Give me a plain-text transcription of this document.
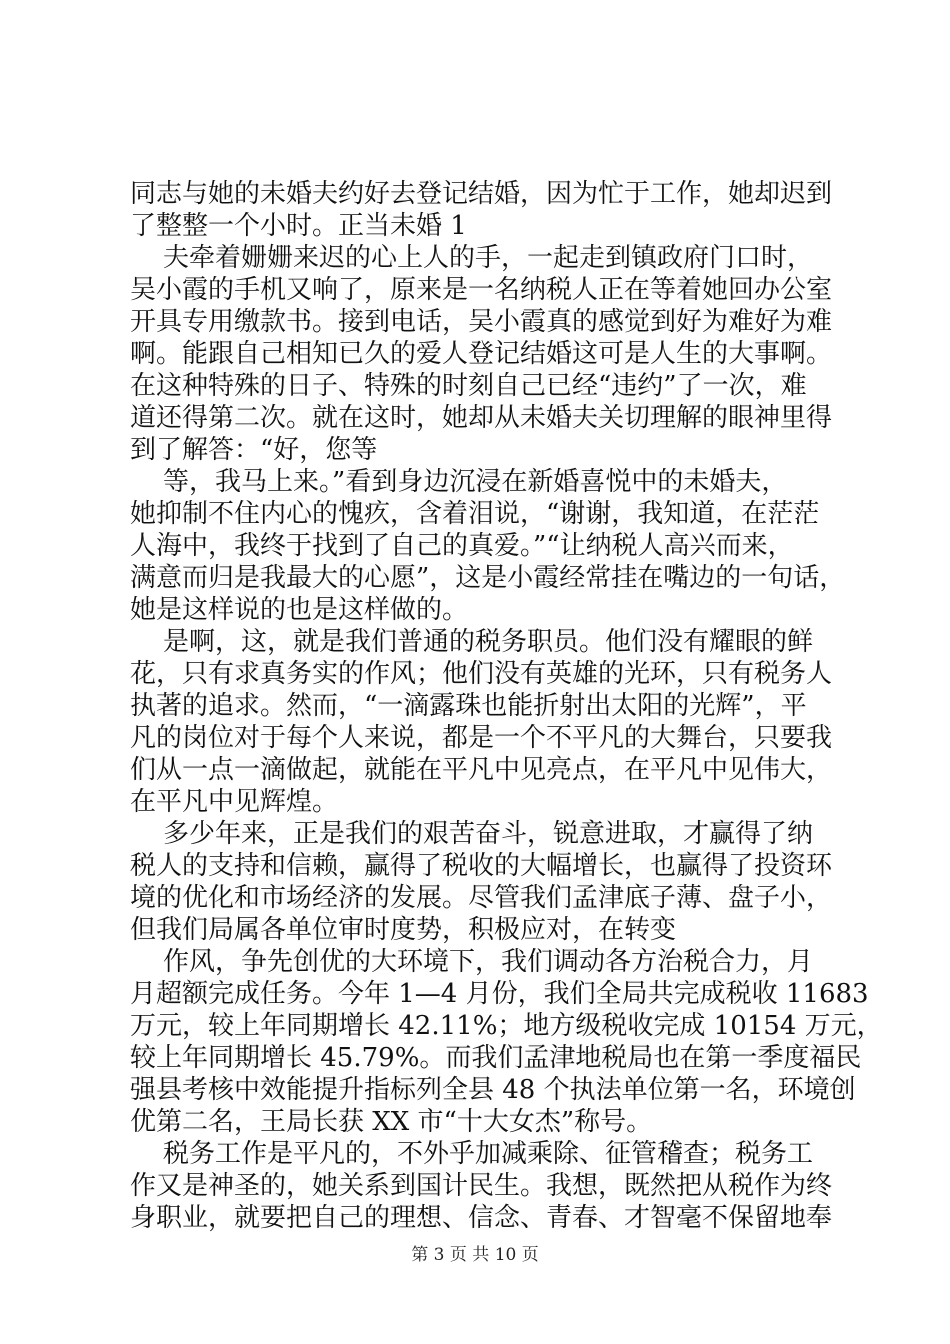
同志与她的未婚夫约好去登记结婚，因为忙于工作，她却迟到

了整整一个小时。正当未婚 1

夫牵着姗姗来迟的心上人的手，一起走到镇政府门口时，

吴小霞的手机又响了，原来是一名纳税人正在等着她回办公室

开具专用缴款书。接到电话，吴小霞真的感觉到好为难好为难

啊。能跟自己相知已久的爱人登记结婚这可是人生的大事啊。

在这种特殊的日子、特殊的时刻自己已经“违约”了一次，难

道还得第二次。就在这时，她却从未婚夫关切理解的眼神里得

到了解答：“好，您等

等，我马上来。”看到身边沉浸在新婚喜悦中的未婚夫，

她抑制不住内心的愧疚，含着泪说，“谢谢，我知道，在茫茫

人海中，我终于找到了自己的真爱。”“让纳税人高兴而来，

满意而归是我最大的心愿”，这是小霞经常挂在嘴边的一句话，

她是这样说的也是这样做的。

是啊，这，就是我们普通的税务职员。他们没有耀眼的鲜

花，只有求真务实的作风；他们没有英雄的光环，只有税务人

执著的追求。然而，“一滴露珠也能折射出太阳的光辉”，平

凡的岗位对于每个人来说，都是一个不平凡的大舞台，只要我

们从一点一滴做起，就能在平凡中见亮点，在平凡中见伟大，

在平凡中见辉煌。

多少年来，正是我们的艰苦奋斗，锐意进取，才赢得了纳

税人的支持和信赖，赢得了税收的大幅增长，也赢得了投资环

境的优化和市场经济的发展。尽管我们孟津底子薄、盘子小，

但我们局属各单位审时度势，积极应对，在转变

作风，争先创优的大环境下，我们调动各方治税合力，月

月超额完成任务。今年 1—4 月份，我们全局共完成税收 11683

万元，较上年同期增长 42.11%；地方级税收完成 10154 万元，

较上年同期增长 45.79%。而我们孟津地税局也在第一季度福民

强县考核中效能提升指标列全县 48 个执法单位第一名，环境创

优第二名，王局长获 XX 市“十大女杰”称号。

税务工作是平凡的，不外乎加减乘除、征管稽查；税务工

作又是神圣的，她关系到国计民生。我想，既然把从税作为终

身职业，就要把自己的理想、信念、青春、才智毫不保留地奉

第 3 页 共 10 页
